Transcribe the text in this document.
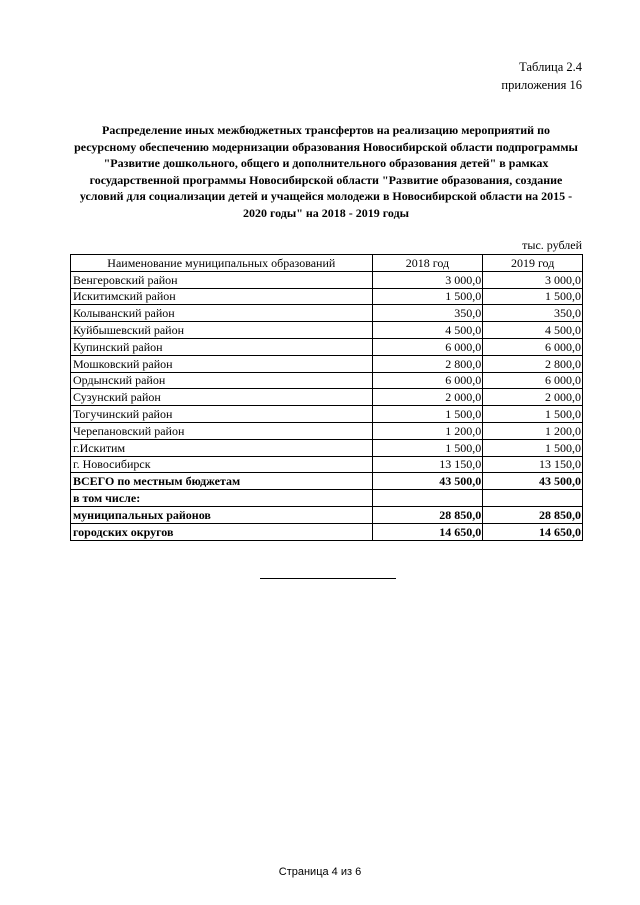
Таблица 2.4
приложения 16
Распределение иных межбюджетных трансфертов на реализацию мероприятий по ресурсному обеспечению модернизации образования Новосибирской области подпрограммы "Развитие дошкольного, общего и дополнительного образования детей" в рамках государственной программы Новосибирской области "Развитие образования, создание условий для социализации детей и учащейся молодежи в Новосибирской области на 2015 - 2020 годы" на 2018 - 2019 годы
тыс. рублей
Наименование муниципальных образований	2018 год	2019 год
Венгеровский район	3 000,0	3 000,0
Искитимский район	1 500,0	1 500,0
Колыванский район	350,0	350,0
Куйбышевский район	4 500,0	4 500,0
Купинский район	6 000,0	6 000,0
Мошковский район	2 800,0	2 800,0
Ордынский район	6 000,0	6 000,0
Сузунский район	2 000,0	2 000,0
Тогучинский район	1 500,0	1 500,0
Черепановский район	1 200,0	1 200,0
г.Искитим	1 500,0	1 500,0
г. Новосибирск	13 150,0	13 150,0
ВСЕГО по местным бюджетам	43 500,0	43 500,0
в том числе:		
муниципальных районов	28 850,0	28 850,0
городских округов	14 650,0	14 650,0
Страница 4 из 6
